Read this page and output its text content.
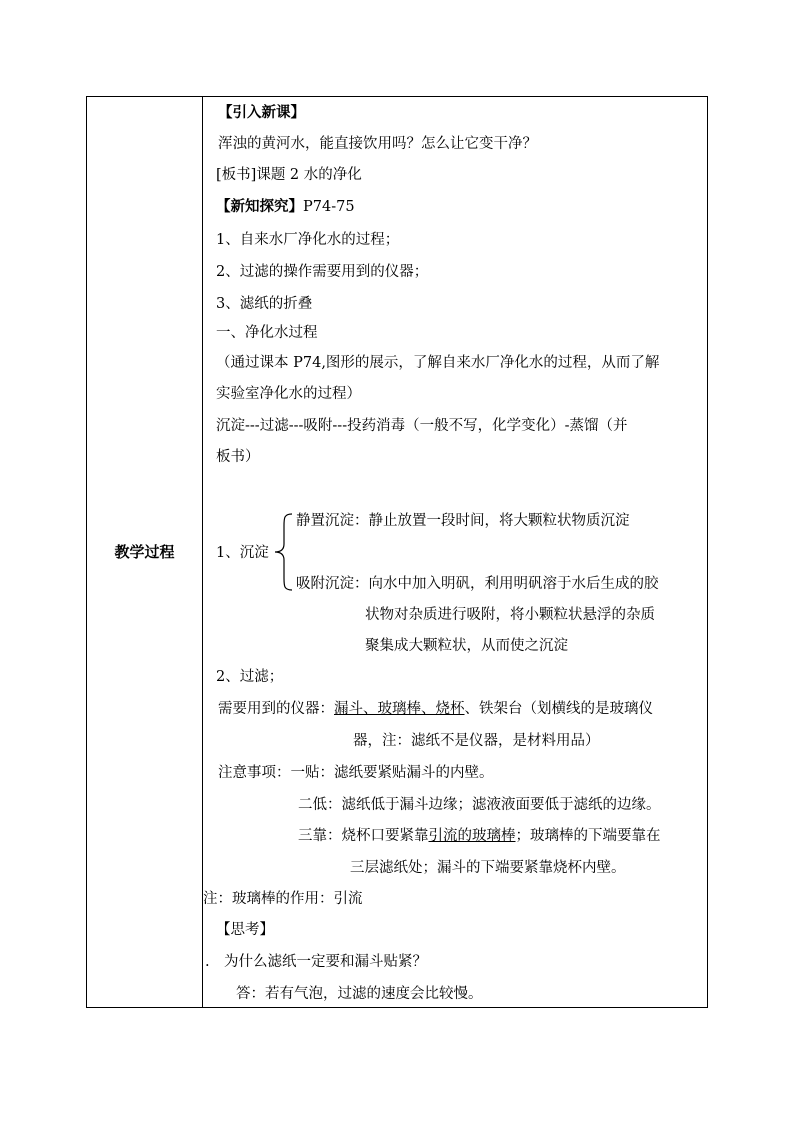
教学过程
【引入新课】
浑浊的黄河水，能直接饮用吗？怎么让它变干净？
[板书]课题 2 水的净化
【新知探究】P74-75
1、自来水厂净化水的过程；
2、过滤的操作需要用到的仪器；
3、滤纸的折叠
一、净化水过程
（通过课本 P74,图形的展示，了解自来水厂净化水的过程，从而了解
实验室净化水的过程）
沉淀---过滤---吸附---投药消毒（一般不写，化学变化）-蒸馏（并
板书）
1、沉淀
静置沉淀：静止放置一段时间，将大颗粒状物质沉淀
吸附沉淀：向水中加入明矾，利用明矾溶于水后生成的胶
状物对杂质进行吸附，将小颗粒状悬浮的杂质
聚集成大颗粒状，从而使之沉淀
2、过滤；
需要用到的仪器：漏斗、玻璃棒、烧杯、铁架台（划横线的是玻璃仪
器，注：滤纸不是仪器，是材料用品）
注意事项：一贴：滤纸要紧贴漏斗的内壁。
二低：滤纸低于漏斗边缘；滤液液面要低于滤纸的边缘。
三靠：烧杯口要紧靠引流的玻璃棒；玻璃棒的下端要靠在
三层滤纸处；漏斗的下端要紧靠烧杯内壁。
注：玻璃棒的作用：引流
【思考】
. 为什么滤纸一定要和漏斗贴紧？
答：若有气泡，过滤的速度会比较慢。
